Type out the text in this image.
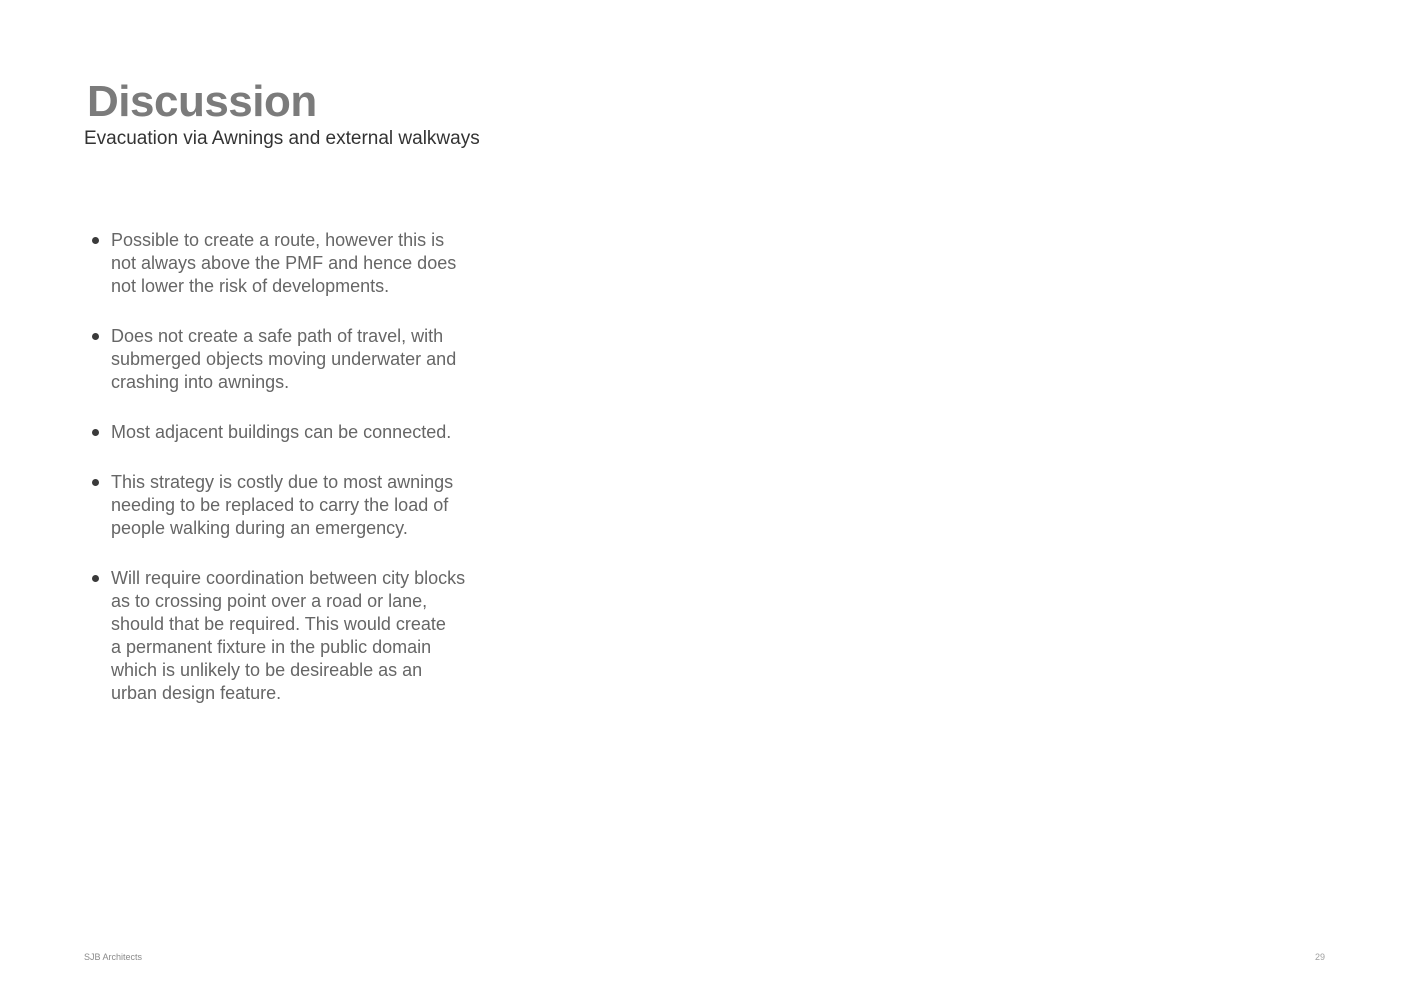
Discussion
Evacuation via Awnings and external walkways
Possible to create a route, however this is
not always above the PMF and hence does
not lower the risk of developments.
Does not create a safe path of travel, with
submerged objects moving underwater and
crashing into awnings.
Most adjacent buildings can be connected.
This strategy is costly due to most awnings
needing to be replaced to carry the load of
people walking during an emergency.
Will require coordination between city blocks
as to crossing point over a road or lane,
should that be required. This would create
a permanent fixture in the public domain
which is unlikely to be desireable as an
urban design feature.
SJB Architects	29
